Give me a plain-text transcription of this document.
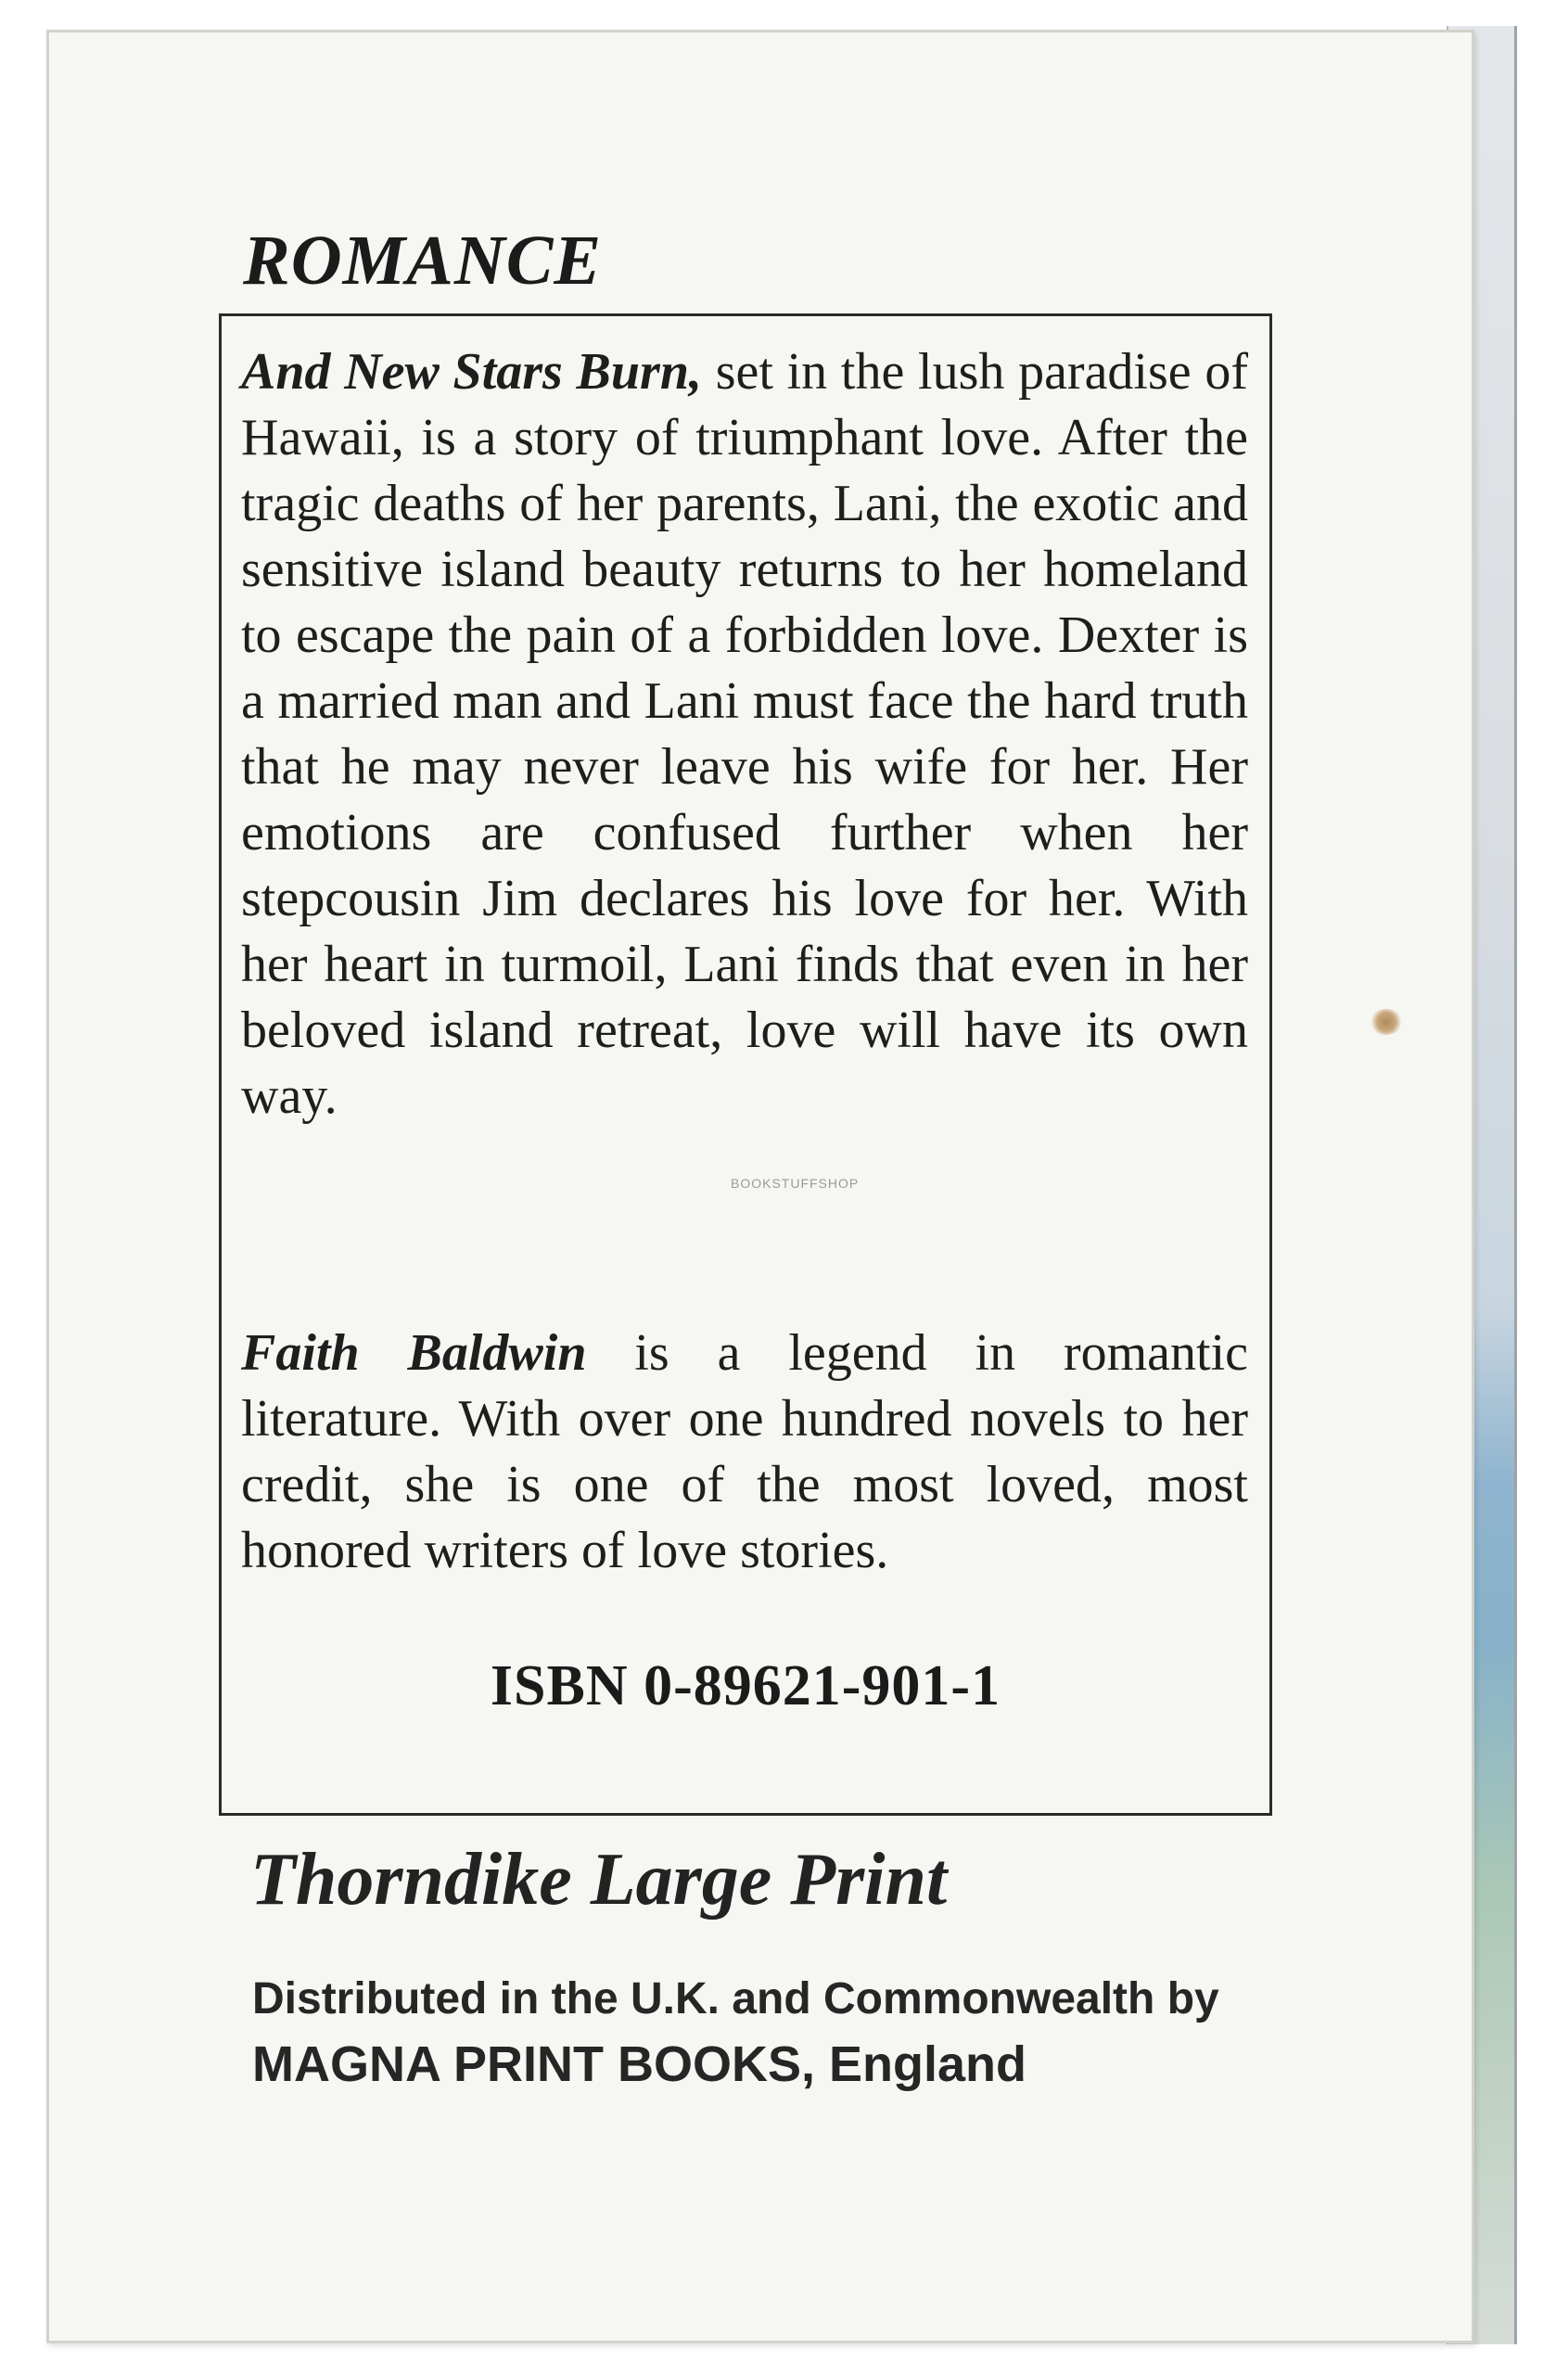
ROMANCE

And New Stars Burn, set in the lush paradise of Hawaii, is a story of triumphant love. After the tragic deaths of her parents, Lani, the exotic and sensitive island beauty returns to her homeland to escape the pain of a forbidden love. Dexter is a married man and Lani must face the hard truth that he may never leave his wife for her. Her emotions are confused further when her stepcousin Jim declares his love for her. With her heart in turmoil, Lani finds that even in her beloved island retreat, love will have its own way.

BOOKSTUFFSHOP

Faith Baldwin is a legend in romantic literature. With over one hundred novels to her credit, she is one of the most loved, most honored writers of love stories.

ISBN 0-89621-901-1

Thorndike Large Print

Distributed in the U.K. and Commonwealth by

MAGNA PRINT BOOKS, England
